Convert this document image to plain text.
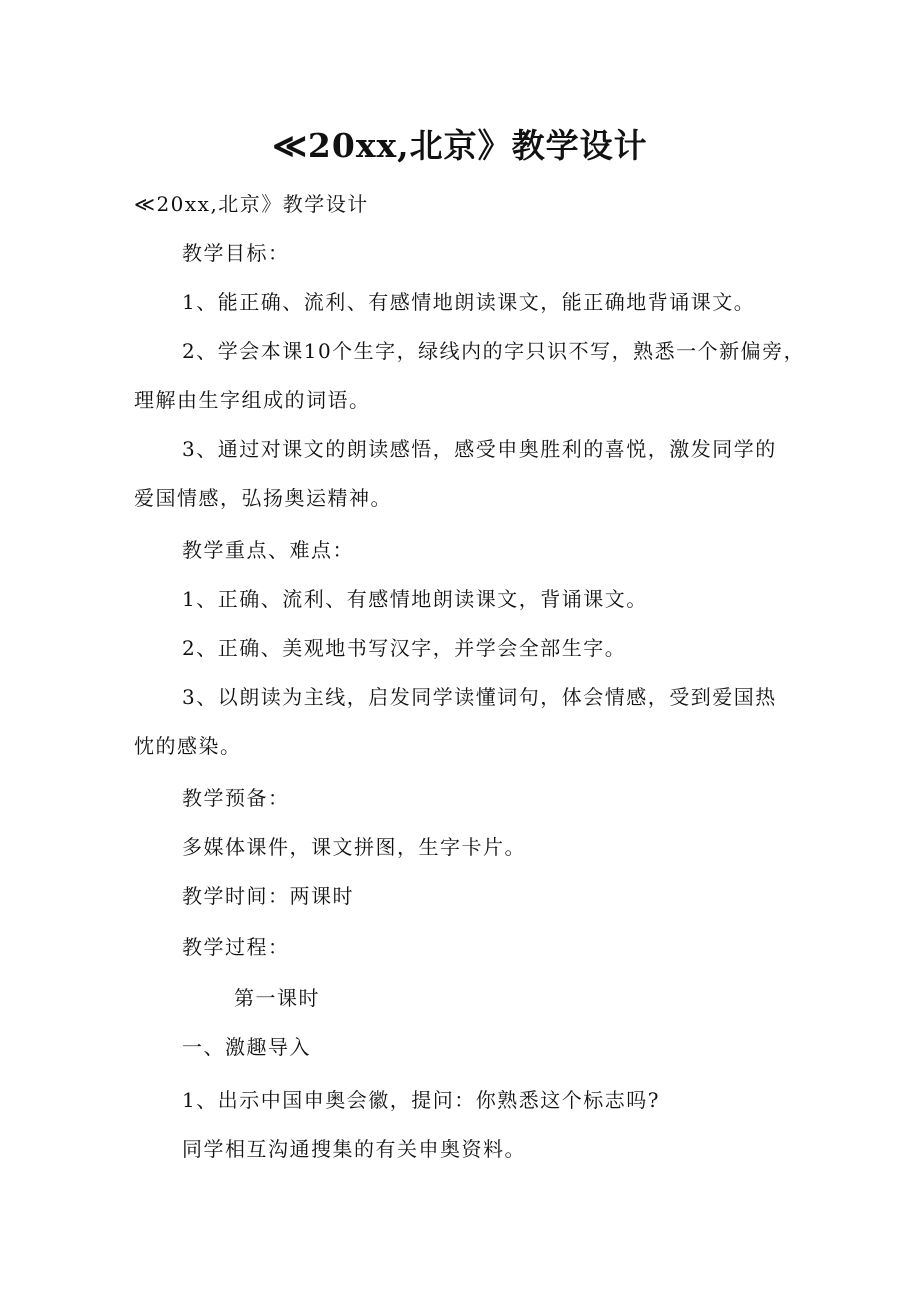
≪20xx,北京》教学设计
≪20xx,北京》教学设计
教学目标：
1、能正确、流利、有感情地朗读课文，能正确地背诵课文。
2、学会本课10个生字，绿线内的字只识不写，熟悉一个新偏旁，
理解由生字组成的词语。
3、通过对课文的朗读感悟，感受申奥胜利的喜悦，激发同学的
爱国情感，弘扬奥运精神。
教学重点、难点：
1、正确、流利、有感情地朗读课文，背诵课文。
2、正确、美观地书写汉字，并学会全部生字。
3、以朗读为主线，启发同学读懂词句，体会情感，受到爱国热
忱的感染。
教学预备：
多媒体课件，课文拼图，生字卡片。
教学时间：两课时
教学过程：
第一课时
一、激趣导入
1、出示中国申奥会徽，提问：你熟悉这个标志吗?
同学相互沟通搜集的有关申奥资料。
